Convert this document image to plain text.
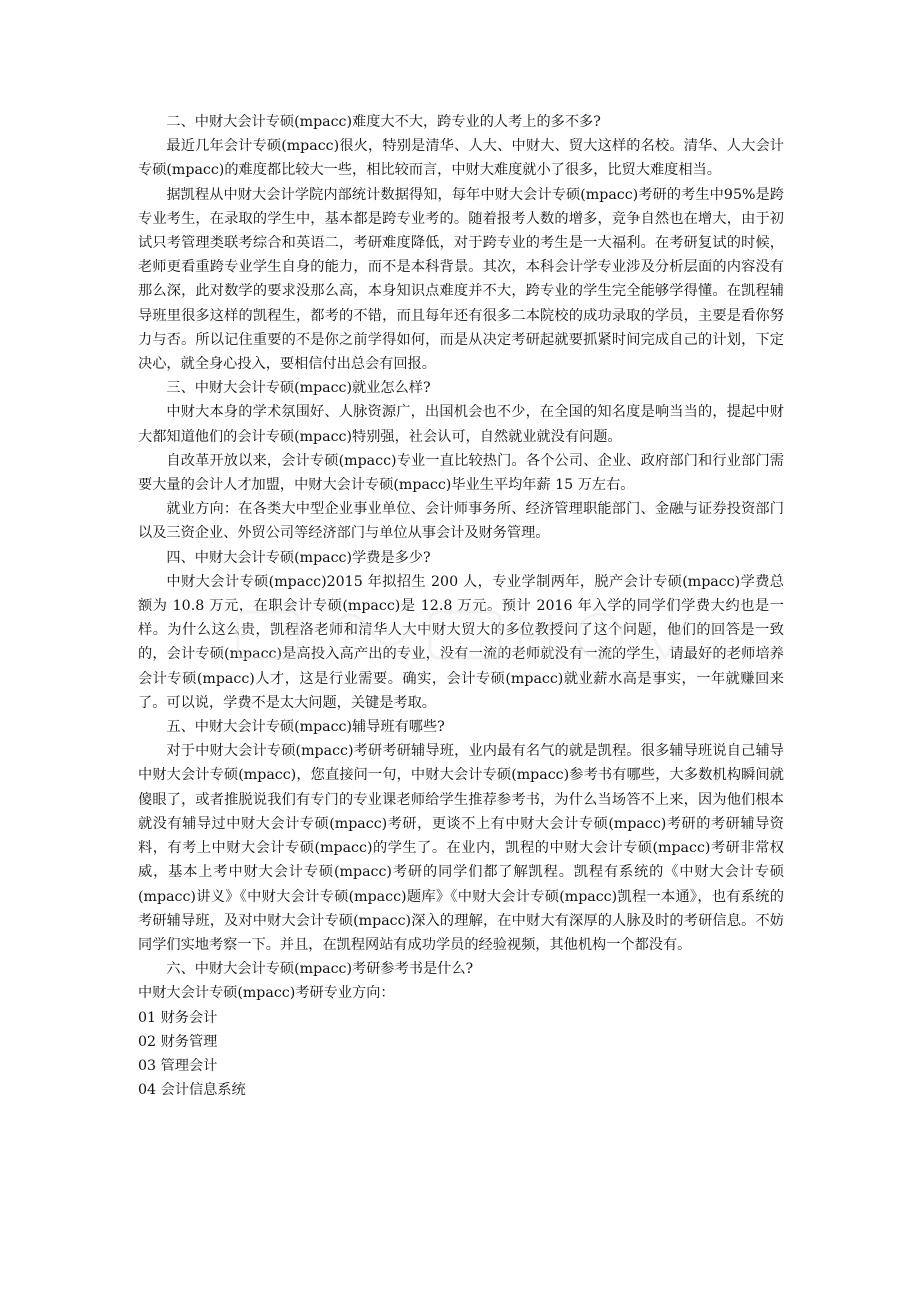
二、中财大会计专硕(mpacc)难度大不大，跨专业的人考上的多不多?

最近几年会计专硕(mpacc)很火，特别是清华、人大、中财大、贸大这样的名校。清华、人大会计专硕(mpacc)的难度都比较大一些，相比较而言，中财大难度就小了很多，比贸大难度相当。

据凯程从中财大会计学院内部统计数据得知，每年中财大会计专硕(mpacc)考研的考生中95%是跨专业考生，在录取的学生中，基本都是跨专业考的。随着报考人数的增多，竞争自然也在增大，由于初试只考管理类联考综合和英语二，考研难度降低，对于跨专业的考生是一大福利。在考研复试的时候，老师更看重跨专业学生自身的能力，而不是本科背景。其次，本科会计学专业涉及分析层面的内容没有那么深，此对数学的要求没那么高，本身知识点难度并不大，跨专业的学生完全能够学得懂。在凯程辅导班里很多这样的凯程生，都考的不错，而且每年还有很多二本院校的成功录取的学员，主要是看你努力与否。所以记住重要的不是你之前学得如何，而是从决定考研起就要抓紧时间完成自己的计划，下定决心，就全身心投入，要相信付出总会有回报。

三、中财大会计专硕(mpacc)就业怎么样?

中财大本身的学术氛围好、人脉资源广，出国机会也不少，在全国的知名度是响当当的，提起中财大都知道他们的会计专硕(mpacc)特别强，社会认可，自然就业就没有问题。

自改革开放以来，会计专硕(mpacc)专业一直比较热门。各个公司、企业、政府部门和行业部门需要大量的会计人才加盟，中财大会计专硕(mpacc)毕业生平均年薪 15 万左右。

就业方向：在各类大中型企业事业单位、会计师事务所、经济管理职能部门、金融与证券投资部门以及三资企业、外贸公司等经济部门与单位从事会计及财务管理。

四、中财大会计专硕(mpacc)学费是多少?

中财大会计专硕(mpacc)2015 年拟招生 200 人，专业学制两年，脱产会计专硕(mpacc)学费总额为 10.8 万元，在职会计专硕(mpacc)是 12.8 万元。预计 2016 年入学的同学们学费大约也是一样。为什么这么贵，凯程洛老师和清华人大中财大贸大的多位教授问了这个问题，他们的回答是一致的，会计专硕(mpacc)是高投入高产出的专业，没有一流的老师就没有一流的学生，请最好的老师培养会计专硕(mpacc)人才，这是行业需要。确实，会计专硕(mpacc)就业薪水高是事实，一年就赚回来了。可以说，学费不是太大问题，关键是考取。

五、中财大会计专硕(mpacc)辅导班有哪些?

对于中财大会计专硕(mpacc)考研考研辅导班，业内最有名气的就是凯程。很多辅导班说自己辅导中财大会计专硕(mpacc)，您直接问一句，中财大会计专硕(mpacc)参考书有哪些，大多数机构瞬间就傻眼了，或者推脱说我们有专门的专业课老师给学生推荐参考书，为什么当场答不上来，因为他们根本就没有辅导过中财大会计专硕(mpacc)考研，更谈不上有中财大会计专硕(mpacc)考研的考研辅导资料，有考上中财大会计专硕(mpacc)的学生了。在业内，凯程的中财大会计专硕(mpacc)考研非常权威，基本上考中财大会计专硕(mpacc)考研的同学们都了解凯程。凯程有系统的《中财大会计专硕(mpacc)讲义》《中财大会计专硕(mpacc)题库》《中财大会计专硕(mpacc)凯程一本通》，也有系统的考研辅导班，及对中财大会计专硕(mpacc)深入的理解，在中财大有深厚的人脉及时的考研信息。不妨同学们实地考察一下。并且，在凯程网站有成功学员的经验视频，其他机构一个都没有。

六、中财大会计专硕(mpacc)考研参考书是什么?

中财大会计专硕(mpacc)考研专业方向：

01 财务会计

02 财务管理

03 管理会计

04 会计信息系统
